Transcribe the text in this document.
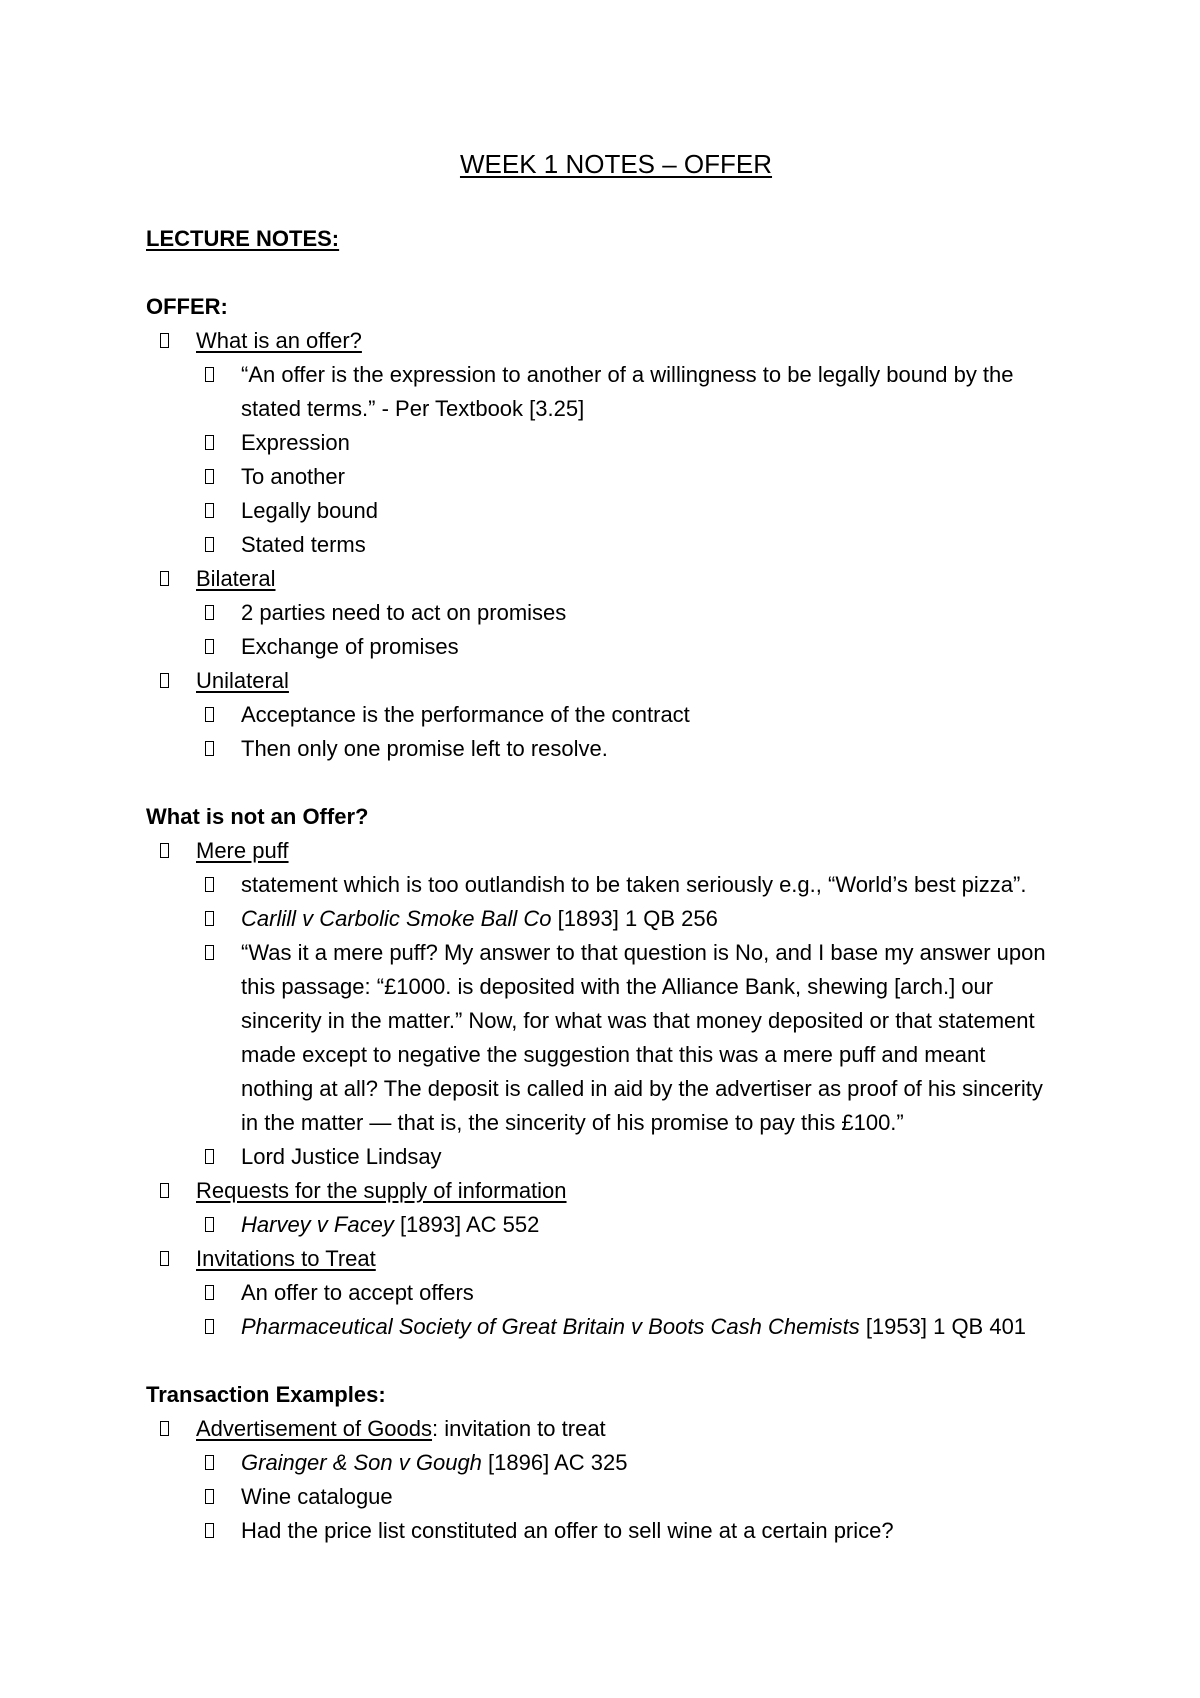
WEEK 1 NOTES – OFFER
LECTURE NOTES:
OFFER:
What is an offer?
“An offer is the expression to another of a willingness to be legally bound by the
stated terms.” - Per Textbook [3.25]
Expression
To another
Legally bound
Stated terms
Bilateral
2 parties need to act on promises
Exchange of promises
Unilateral
Acceptance is the performance of the contract
Then only one promise left to resolve.
What is not an Offer?
Mere puff
statement which is too outlandish to be taken seriously e.g., “World’s best pizza”.
Carlill v Carbolic Smoke Ball Co [1893] 1 QB 256
“Was it a mere puff? My answer to that question is No, and I base my answer upon
this passage: “£1000. is deposited with the Alliance Bank, shewing [arch.] our
sincerity in the matter.” Now, for what was that money deposited or that statement
made except to negative the suggestion that this was a mere puff and meant
nothing at all? The deposit is called in aid by the advertiser as proof of his sincerity
in the matter — that is, the sincerity of his promise to pay this £100.”
Lord Justice Lindsay
Requests for the supply of information
Harvey v Facey [1893] AC 552
Invitations to Treat
An offer to accept offers
Pharmaceutical Society of Great Britain v Boots Cash Chemists [1953] 1 QB 401
Transaction Examples:
Advertisement of Goods: invitation to treat
Grainger & Son v Gough [1896] AC 325
Wine catalogue
Had the price list constituted an offer to sell wine at a certain price?
